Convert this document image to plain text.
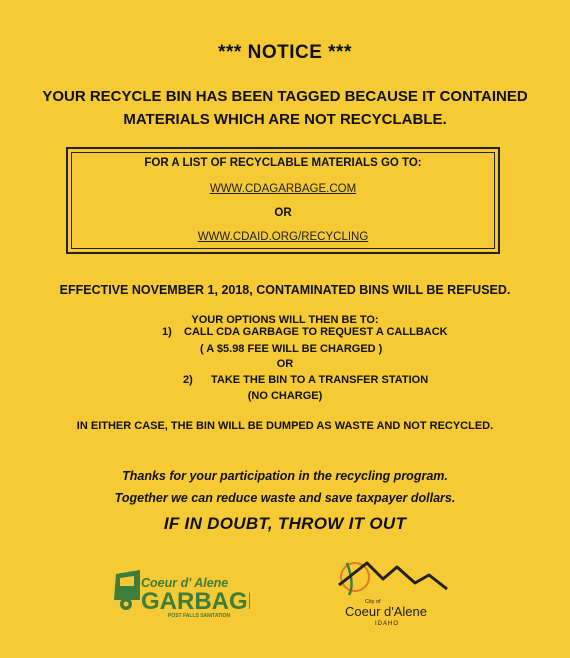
*** NOTICE ***
YOUR RECYCLE BIN HAS BEEN TAGGED BECAUSE IT CONTAINED
MATERIALS WHICH ARE NOT RECYCLABLE.
FOR A LIST OF RECYCLABLE MATERIALS GO TO:
WWW.CDAGARBAGE.COM
OR
WWW.CDAID.ORG/RECYCLING
EFFECTIVE NOVEMBER 1, 2018, CONTAMINATED BINS WILL BE REFUSED.
YOUR OPTIONS WILL THEN BE TO:
1) CALL CDA GARBAGE TO REQUEST A CALLBACK
( A $5.98 FEE WILL BE CHARGED )
OR
2) TAKE THE BIN TO A TRANSFER STATION
(NO CHARGE)
IN EITHER CASE, THE BIN WILL BE DUMPED AS WASTE AND NOT RECYCLED.
Thanks for your participation in the recycling program.
Together we can reduce waste and save taxpayer dollars.
IF IN DOUBT, THROW IT OUT
Coeur d' Alene
GARBAG
POST FALLS SANITATION
City of
Coeur d'Alene
IDAHO
